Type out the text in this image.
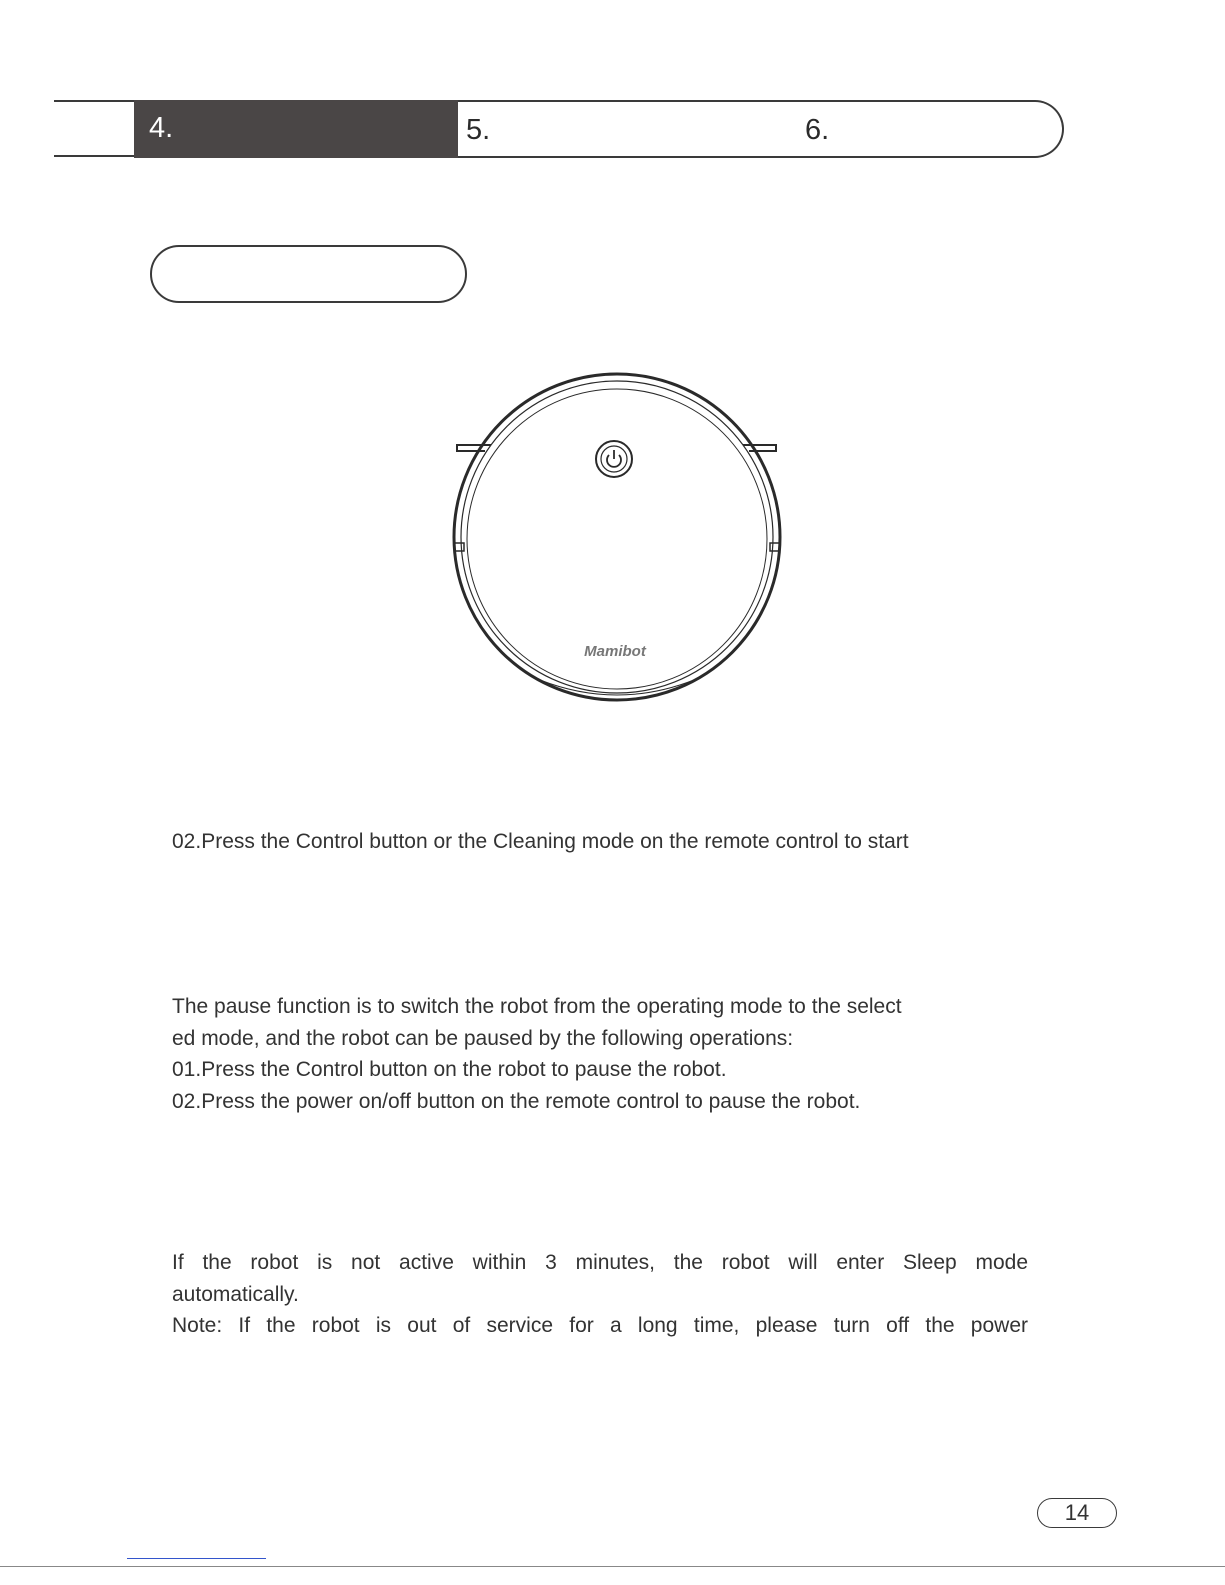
4.	5.	6.
Mamibot

02.Press the Control button or the Cleaning mode on the remote control to start

The pause function is to switch the robot from the operating mode to the select

ed mode, and the robot can be paused by the following operations:

01.Press the Control button on the robot to pause the robot.

02.Press the power on/off button on the remote control to pause the robot.

If the robot is not active within 3 minutes, the robot will enter Sleep mode

automatically.

Note: If the robot is out of service for a long time, please turn off the power

14
